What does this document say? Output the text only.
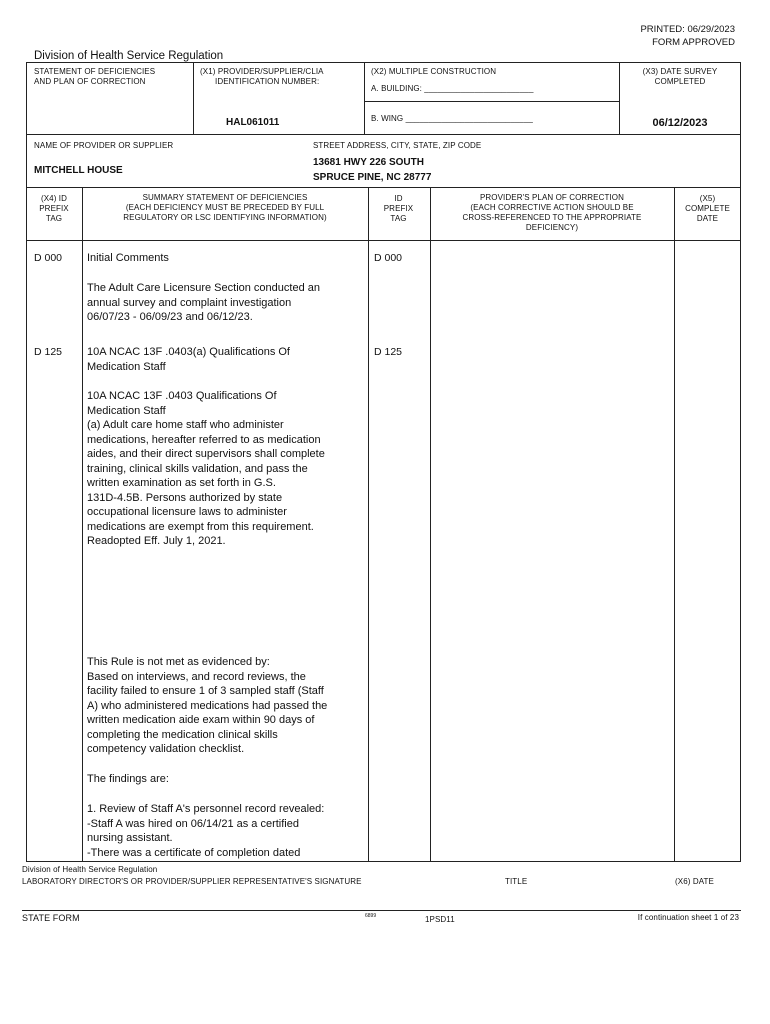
PRINTED: 06/29/2023
FORM APPROVED
Division of Health Service Regulation
STATEMENT OF DEFICIENCIES
AND PLAN OF CORRECTION
(X1) PROVIDER/SUPPLIER/CLIA
IDENTIFICATION NUMBER:
HAL061011
(X2) MULTIPLE CONSTRUCTION
A. BUILDING: ________________________
B. WING ____________________________
(X3) DATE SURVEY
COMPLETED
06/12/2023
NAME OF PROVIDER OR SUPPLIER
MITCHELL HOUSE
STREET ADDRESS, CITY, STATE, ZIP CODE
13681 HWY 226 SOUTH
SPRUCE PINE, NC 28777
(X4) ID
PREFIX
TAG
SUMMARY STATEMENT OF DEFICIENCIES
(EACH DEFICIENCY MUST BE PRECEDED BY FULL
REGULATORY OR LSC IDENTIFYING INFORMATION)
ID
PREFIX
TAG
PROVIDER'S PLAN OF CORRECTION
(EACH CORRECTIVE ACTION SHOULD BE
CROSS-REFERENCED TO THE APPROPRIATE
DEFICIENCY)
(X5)
COMPLETE
DATE
D 000	D 000
Initial Comments
The Adult Care Licensure Section conducted an
annual survey and complaint investigation
06/07/23 - 06/09/23 and 06/12/23.
D 125	D 125
10A NCAC 13F .0403(a) Qualifications Of
Medication Staff
10A NCAC 13F .0403 Qualifications Of
Medication Staff
(a) Adult care home staff who administer
medications, hereafter referred to as medication
aides, and their direct supervisors shall complete
training, clinical skills validation, and pass the
written examination as set forth in G.S.
131D-4.5B. Persons authorized by state
occupational licensure laws to administer
medications are exempt from this requirement.
Readopted Eff. July 1, 2021.
This Rule is not met as evidenced by:
Based on interviews, and record reviews, the
facility failed to ensure 1 of 3 sampled staff (Staff
A) who administered medications had passed the
written medication aide exam within 90 days of
completing the medication clinical skills
competency validation checklist.
The findings are:
1. Review of Staff A's personnel record revealed:
-Staff A was hired on 06/14/21 as a certified
nursing assistant.
-There was a certificate of completion dated
Division of Health Service Regulation
LABORATORY DIRECTOR'S OR PROVIDER/SUPPLIER REPRESENTATIVE'S SIGNATURE	TITLE	(X6) DATE
STATE FORM	6899	1PSD11	If continuation sheet 1 of 23
